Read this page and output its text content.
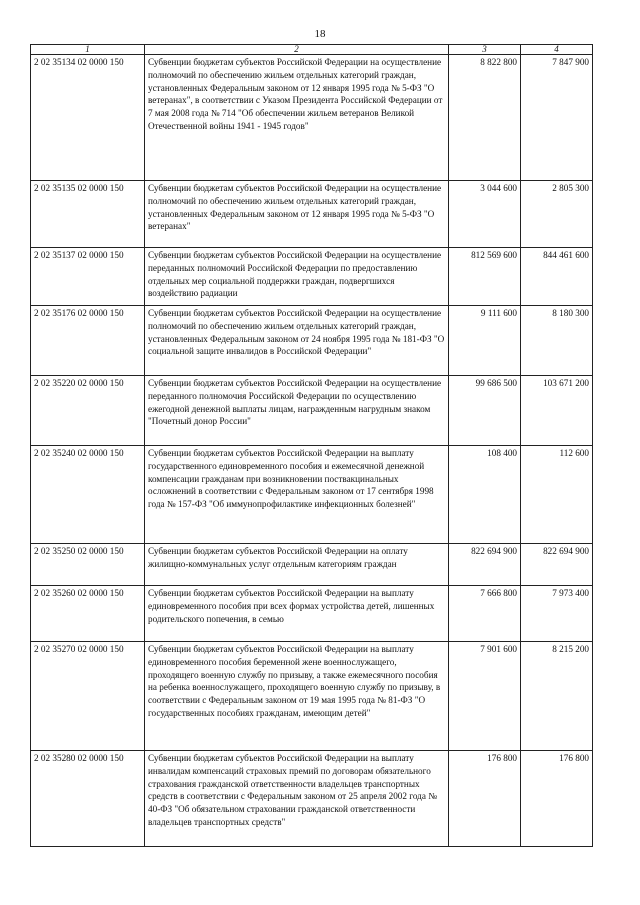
18
1	2	3	4
2 02 35134 02 0000 150	Субвенции бюджетам субъектов Российской Федерации на осуществление полномочий по обеспечению жильем отдельных категорий граждан, установленных Федеральным законом от 12 января 1995 года № 5-ФЗ "О ветеранах", в соответствии с Указом Президента Российской Федерации от 7 мая 2008 года № 714 "Об обеспечении жильем ветеранов Великой Отечественной войны 1941 - 1945 годов"	8 822 800	7 847 900
2 02 35135 02 0000 150	Субвенции бюджетам субъектов Российской Федерации на осуществление полномочий по обеспечению жильем отдельных категорий граждан, установленных Федеральным законом от 12 января 1995 года № 5-ФЗ "О ветеранах"	3 044 600	2 805 300
2 02 35137 02 0000 150	Субвенции бюджетам субъектов Российской Федерации на осуществление переданных полномочий Российской Федерации по предоставлению отдельных мер социальной поддержки граждан, подвергшихся воздействию радиации	812 569 600	844 461 600
2 02 35176 02 0000 150	Субвенции бюджетам субъектов Российской Федерации на осуществление полномочий по обеспечению жильем отдельных категорий граждан, установленных Федеральным законом от 24 ноября 1995 года № 181-ФЗ "О социальной защите инвалидов в Российской Федерации"	9 111 600	8 180 300
2 02 35220 02 0000 150	Субвенции бюджетам субъектов Российской Федерации на осуществление переданного полномочия Российской Федерации по осуществлению ежегодной денежной выплаты лицам, награжденным нагрудным знаком "Почетный донор России"	99 686 500	103 671 200
2 02 35240 02 0000 150	Субвенции бюджетам субъектов Российской Федерации на выплату государственного единовременного пособия и ежемесячной денежной компенсации гражданам при возникновении поствакцинальных осложнений в соответствии с Федеральным законом от 17 сентября 1998 года № 157-ФЗ "Об иммунопрофилактике инфекционных болезней"	108 400	112 600
2 02 35250 02 0000 150	Субвенции бюджетам субъектов Российской Федерации на оплату жилищно-коммунальных услуг отдельным категориям граждан	822 694 900	822 694 900
2 02 35260 02 0000 150	Субвенции бюджетам субъектов Российской Федерации на выплату единовременного пособия при всех формах устройства детей, лишенных родительского попечения, в семью	7 666 800	7 973 400
2 02 35270 02 0000 150	Субвенции бюджетам субъектов Российской Федерации на выплату единовременного пособия беременной жене военнослужащего, проходящего военную службу по призыву, а также ежемесячного пособия на ребенка военнослужащего, проходящего военную службу по призыву, в соответствии с Федеральным законом от 19 мая 1995 года № 81-ФЗ "О государственных пособиях гражданам, имеющим детей"	7 901 600	8 215 200
2 02 35280 02 0000 150	Субвенции бюджетам субъектов Российской Федерации на выплату инвалидам компенсаций страховых премий по договорам обязательного страхования гражданской ответственности владельцев транспортных средств в соответствии с Федеральным законом от 25 апреля 2002 года № 40-ФЗ "Об обязательном страховании гражданской ответственности владельцев транспортных средств"	176 800	176 800
